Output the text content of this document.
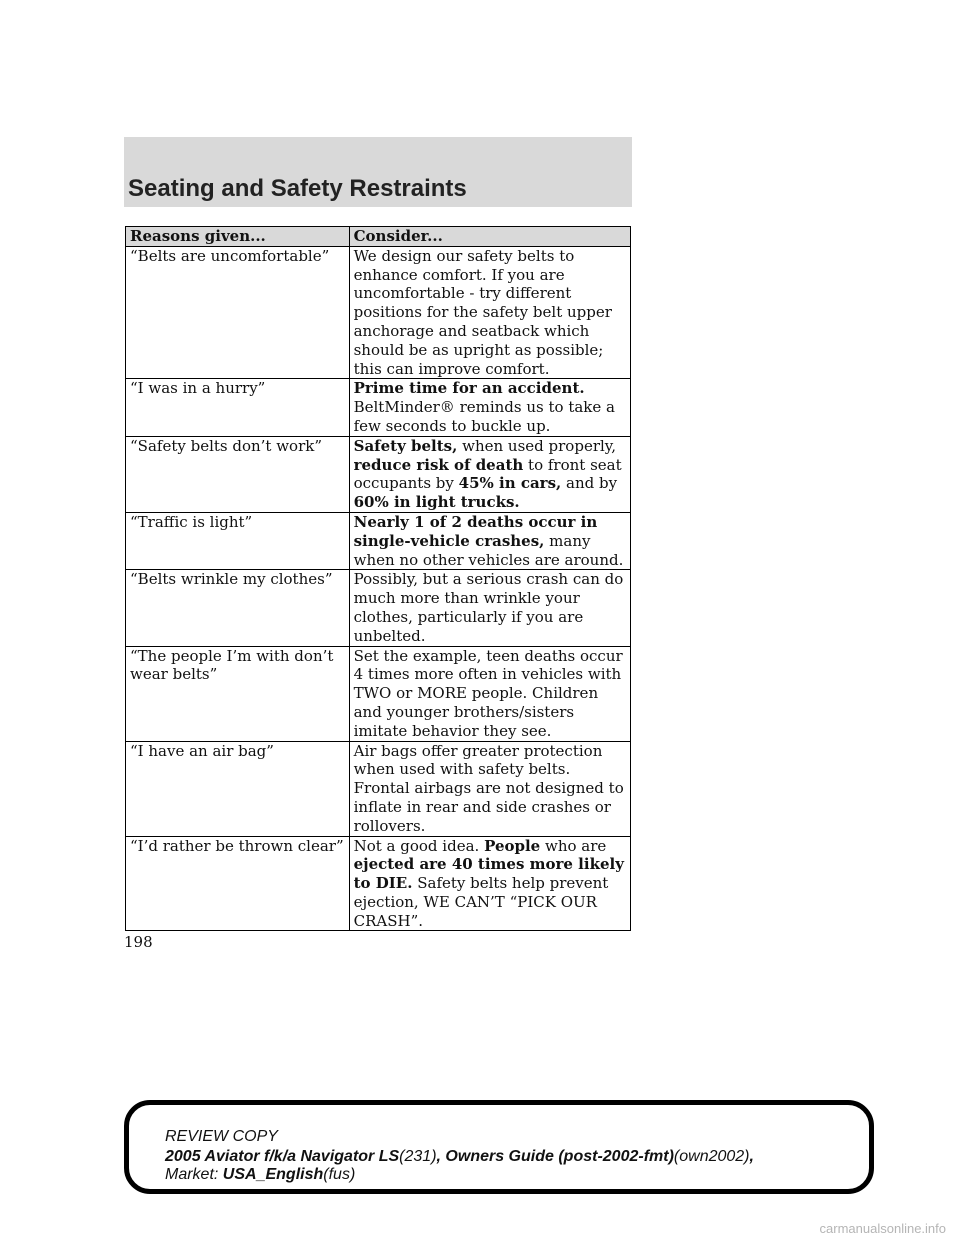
Seating and Safety Restraints
Reasons given...	Consider...
“Belts are uncomfortable”	We design our safety belts to enhance comfort. If you are uncomfortable - try different positions for the safety belt upper anchorage and seatback which should be as upright as possible; this can improve comfort.
“I was in a hurry”	Prime time for an accident. BeltMinder® reminds us to take a few seconds to buckle up.
“Safety belts don’t work”	Safety belts, when used properly, reduce risk of death to front seat occupants by 45% in cars, and by 60% in light trucks.
“Traffic is light”	Nearly 1 of 2 deaths occur in single-vehicle crashes, many when no other vehicles are around.
“Belts wrinkle my clothes”	Possibly, but a serious crash can do much more than wrinkle your clothes, particularly if you are unbelted.
“The people I’m with don’t wear belts”	Set the example, teen deaths occur 4 times more often in vehicles with TWO or MORE people. Children and younger brothers/sisters imitate behavior they see.
“I have an air bag”	Air bags offer greater protection when used with safety belts. Frontal airbags are not designed to inflate in rear and side crashes or rollovers.
“I’d rather be thrown clear”	Not a good idea. People who are ejected are 40 times more likely to DIE. Safety belts help prevent ejection, WE CAN’T “PICK OUR CRASH”.
198
REVIEW COPY
2005 Aviator f/k/a Navigator LS(231), Owners Guide (post-2002-fmt)(own2002),
Market: USA_English(fus)
carmanualsonline.info
